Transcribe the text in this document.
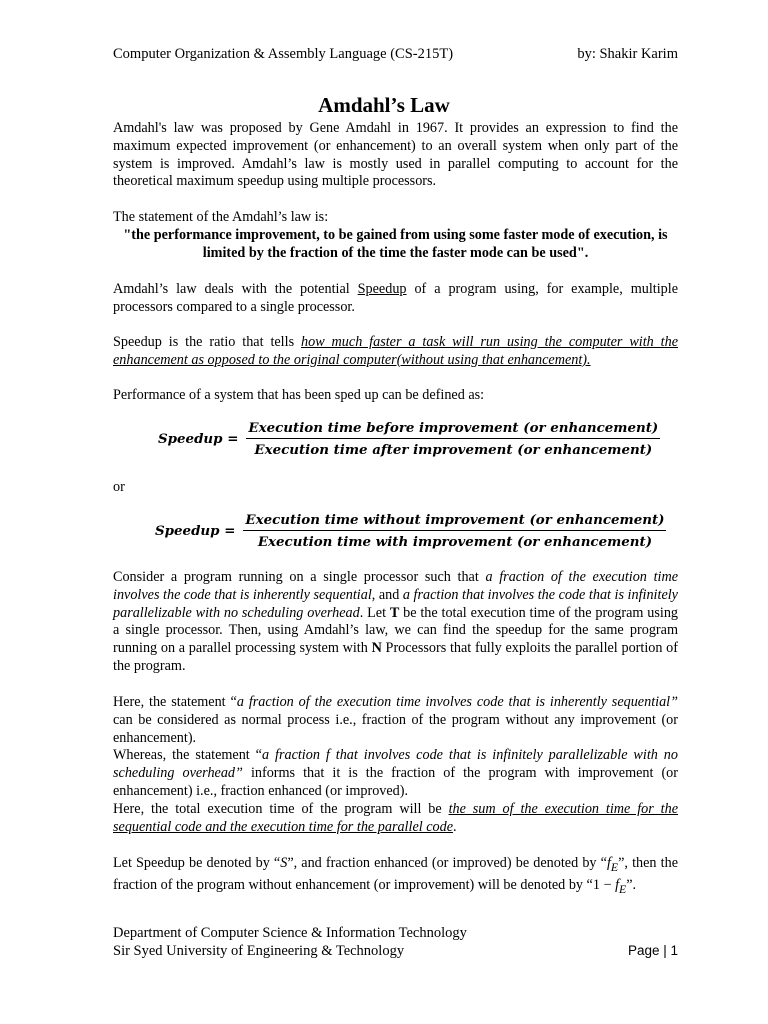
Computer Organization & Assembly Language (CS-215T)	by: Shakir Karim
Amdahl’s Law

Amdahl's law was proposed by Gene Amdahl in 1967. It provides an expression to find the maximum expected improvement (or enhancement) to an overall system when only part of the system is improved. Amdahl’s law is mostly used in parallel computing to account for the theoretical maximum speedup using multiple processors.

The statement of the Amdahl’s law is:

"the performance improvement, to be gained from using some faster mode of execution, is limited by the fraction of the time the faster mode can be used".

Amdahl’s law deals with the potential Speedup of a program using, for example, multiple processors compared to a single processor.

Speedup is the ratio that tells how much faster a task will run using the computer with the enhancement as opposed to the original computer(without using that enhancement).

Performance of a system that has been sped up can be defined as:

Speedup = $\frac{\text{Execution time before improvement (or enhancement)}}{\text{Execution time after improvement (or enhancement)}}$

or

Speedup = $\frac{\text{Execution time without improvement (or enhancement)}}{\text{Execution time with improvement (or enhancement)}}$

Consider a program running on a single processor such that a fraction of the execution time involves the code that is inherently sequential, and a fraction that involves the code that is infinitely parallelizable with no scheduling overhead. Let T be the total execution time of the program using a single processor. Then, using Amdahl’s law, we can find the speedup for the same program running on a parallel processing system with N Processors that fully exploits the parallel portion of the program.

Here, the statement “a fraction of the execution time involves code that is inherently sequential” can be considered as normal process i.e., fraction of the program without any improvement (or enhancement).

Whereas, the statement “a fraction f that involves code that is infinitely parallelizable with no scheduling overhead” informs that it is the fraction of the program with improvement (or enhancement) i.e., fraction enhanced (or improved).

Here, the total execution time of the program will be the sum of the execution time for the sequential code and the execution time for the parallel code.

Let Speedup be denoted by “S”, and fraction enhanced (or improved) be denoted by “$f_E$”, then the fraction of the program without enhancement (or improvement) will be denoted by “$1 - f_E$”.

Department of Computer Science & Information Technology
Sir Syed University of Engineering & Technology	Page | 1
